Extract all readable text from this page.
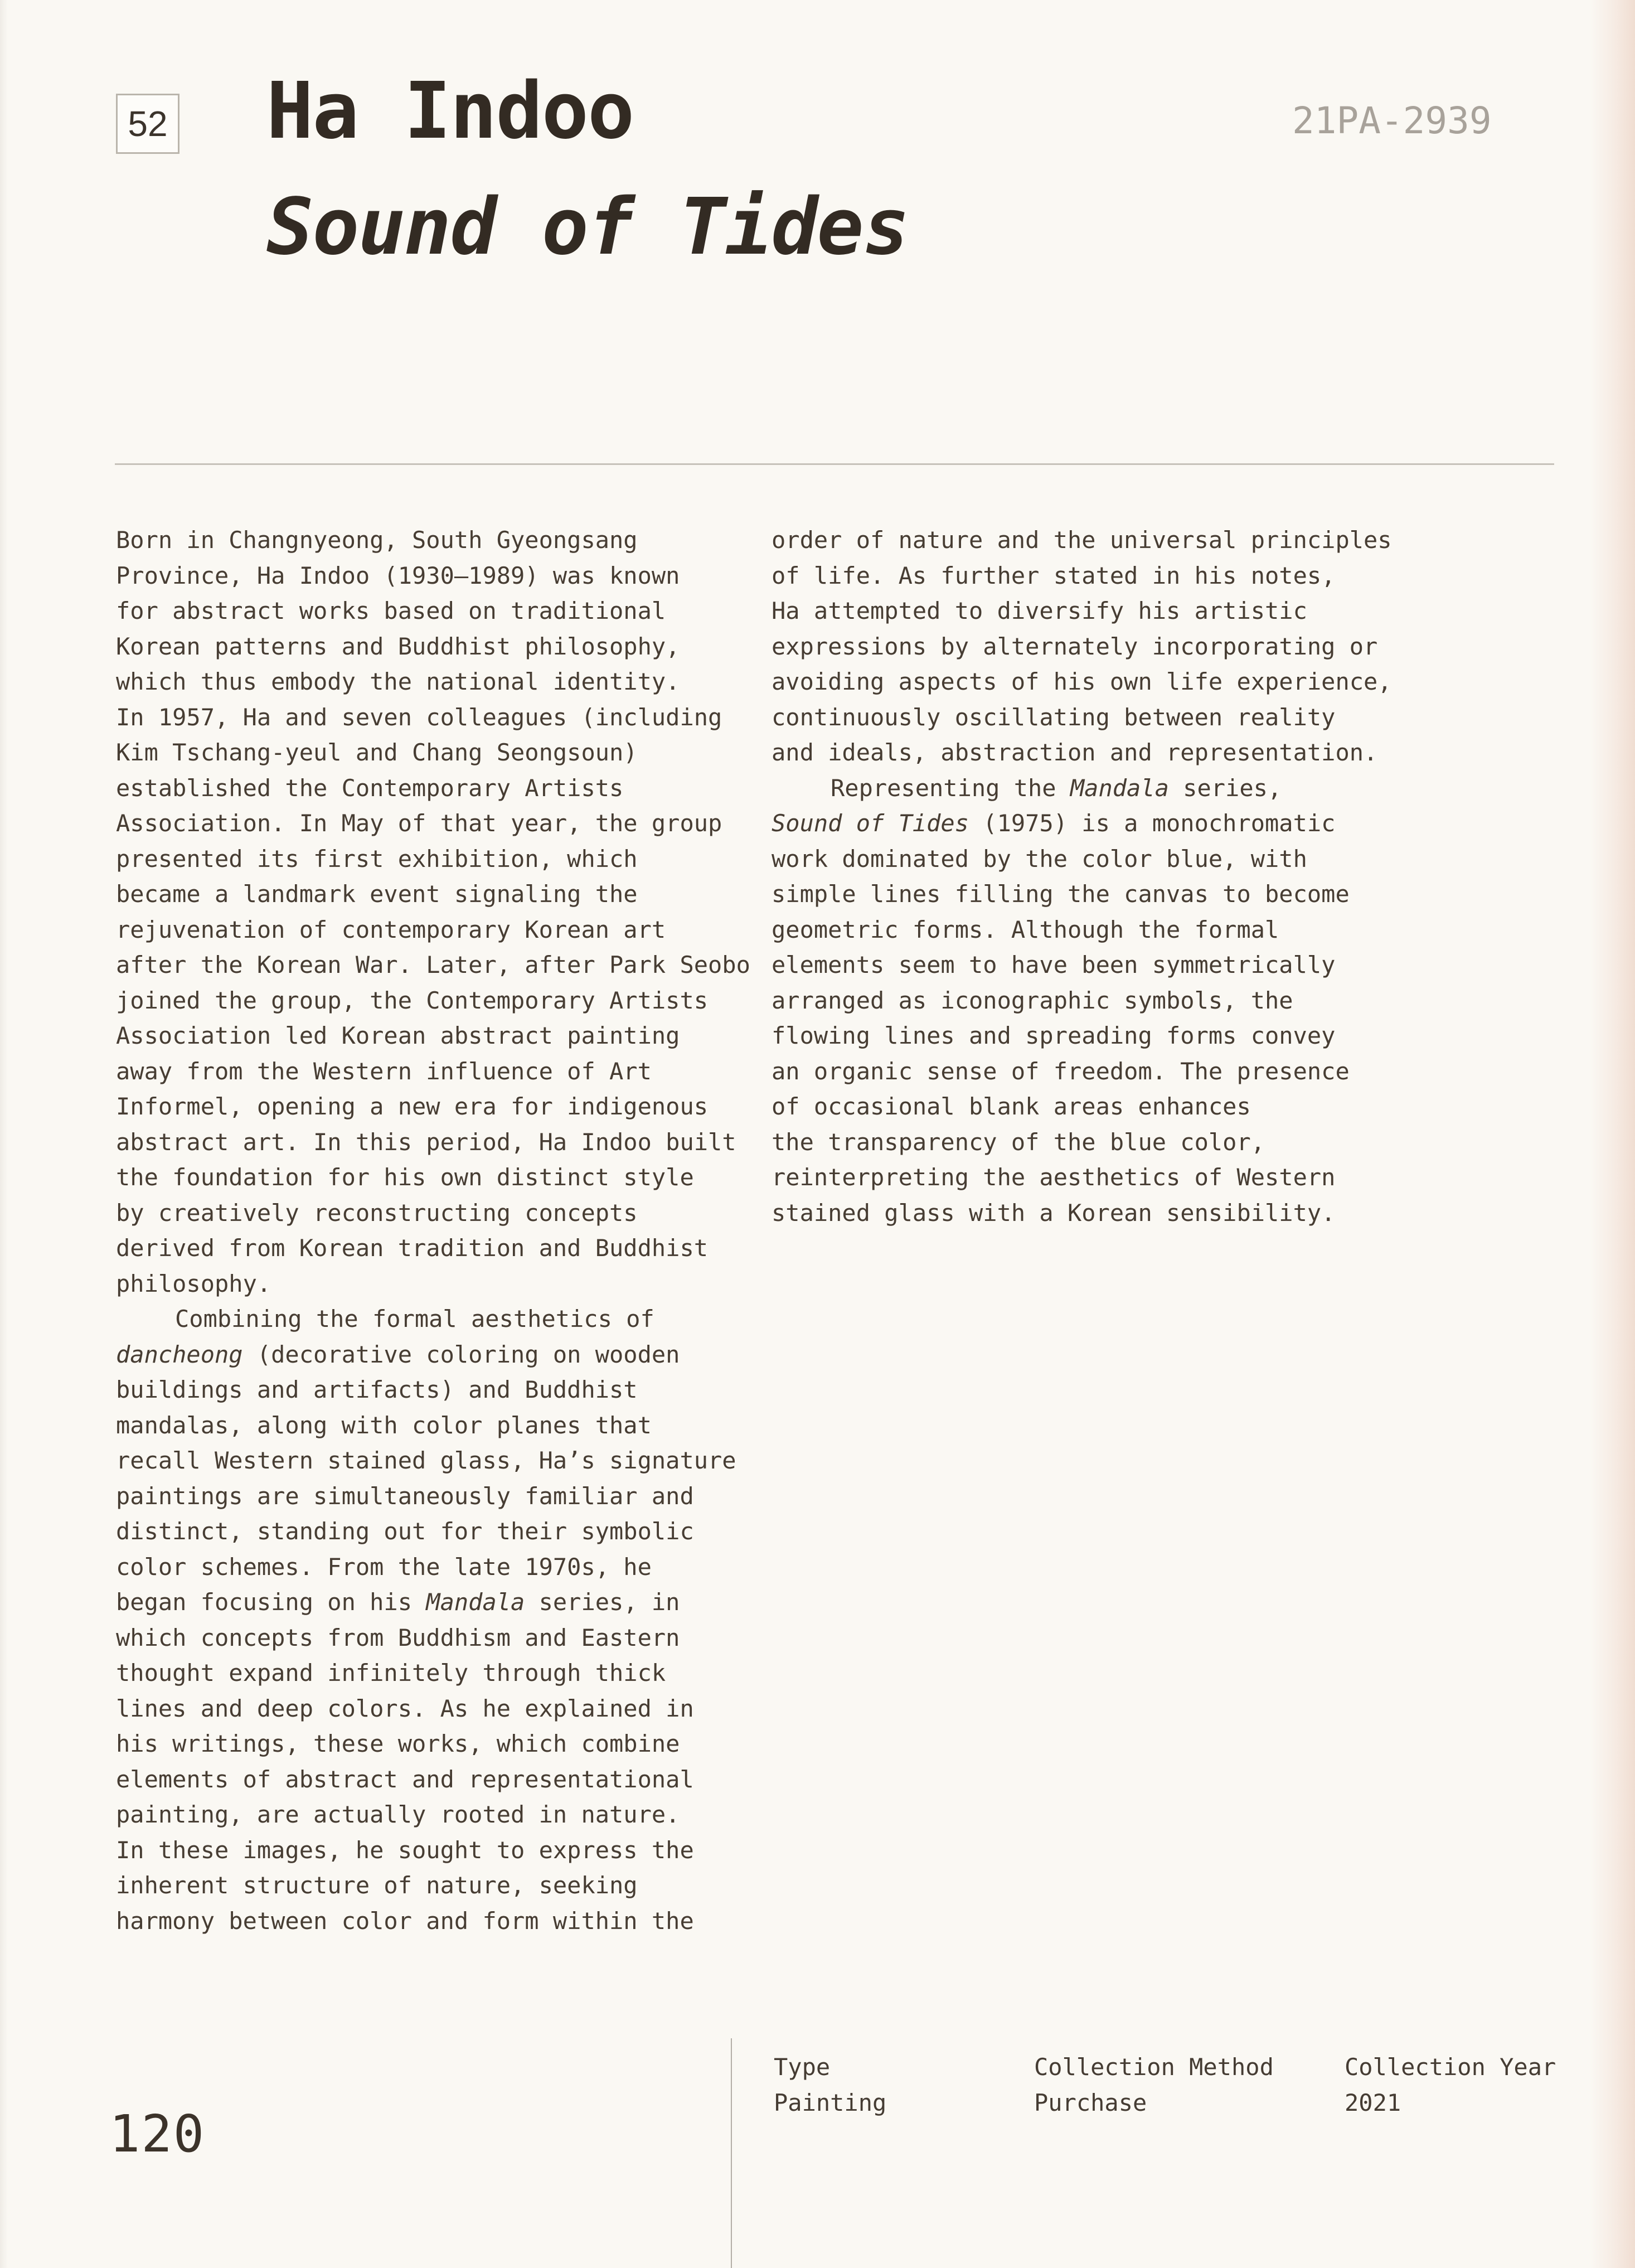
52 Ha Indoo
Sound of Tides
21PA-2939
Born in Changnyeong, South Gyeongsang
Province, Ha Indoo (1930–1989) was known
for abstract works based on traditional
Korean patterns and Buddhist philosophy,
which thus embody the national identity.
In 1957, Ha and seven colleagues (including
Kim Tschang-yeul and Chang Seongsoun)
established the Contemporary Artists
Association. In May of that year, the group
presented its first exhibition, which
became a landmark event signaling the
rejuvenation of contemporary Korean art
after the Korean War. Later, after Park Seobo
joined the group, the Contemporary Artists
Association led Korean abstract painting
away from the Western influence of Art
Informel, opening a new era for indigenous
abstract art. In this period, Ha Indoo built
the foundation for his own distinct style
by creatively reconstructing concepts
derived from Korean tradition and Buddhist
philosophy.
Combining the formal aesthetics of
dancheong (decorative coloring on wooden
buildings and artifacts) and Buddhist
mandalas, along with color planes that
recall Western stained glass, Ha’s signature
paintings are simultaneously familiar and
distinct, standing out for their symbolic
color schemes. From the late 1970s, he
began focusing on his Mandala series, in
which concepts from Buddhism and Eastern
thought expand infinitely through thick
lines and deep colors. As he explained in
his writings, these works, which combine
elements of abstract and representational
painting, are actually rooted in nature.
In these images, he sought to express the
inherent structure of nature, seeking
harmony between color and form within the
order of nature and the universal principles
of life. As further stated in his notes,
Ha attempted to diversify his artistic
expressions by alternately incorporating or
avoiding aspects of his own life experience,
continuously oscillating between reality
and ideals, abstraction and representation.
Representing the Mandala series,
Sound of Tides (1975) is a monochromatic
work dominated by the color blue, with
simple lines filling the canvas to become
geometric forms. Although the formal
elements seem to have been symmetrically
arranged as iconographic symbols, the
flowing lines and spreading forms convey
an organic sense of freedom. The presence
of occasional blank areas enhances
the transparency of the blue color,
reinterpreting the aesthetics of Western
stained glass with a Korean sensibility.
Type
Painting
Collection Method
Purchase
Collection Year
2021
120
